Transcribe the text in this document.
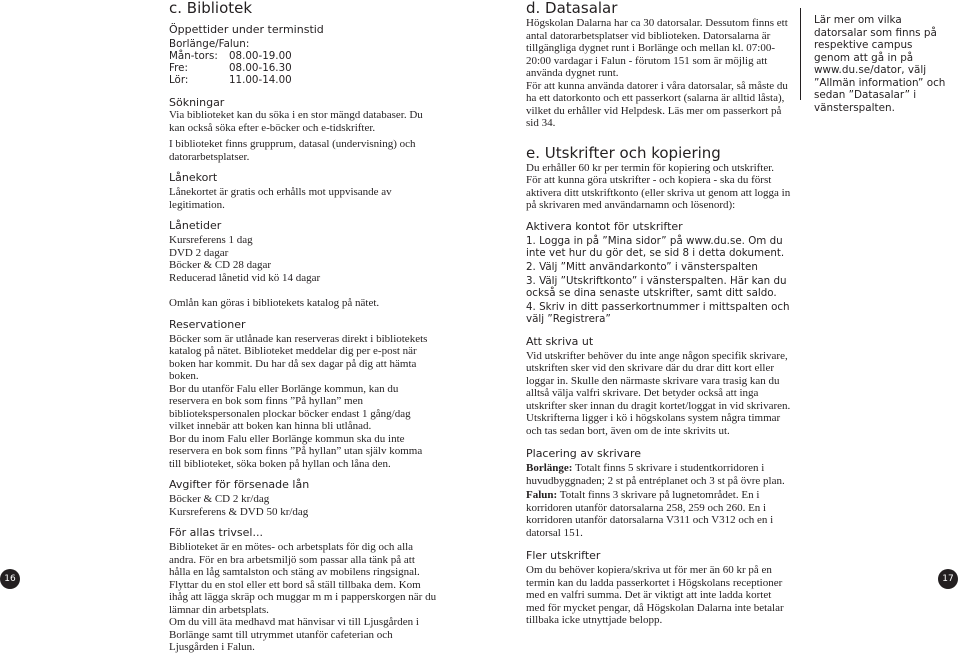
c. Bibliotek
Öppettider under terminstid

Borlänge/Falun:

Mån-tors:	08.00-19.00
Fre:	08.00-16.30
Lör:	11.00-14.00
Sökningar

Via biblioteket kan du söka i en stor mängd databaser. Du kan också söka efter e-böcker och e-tidskrifter.

I biblioteket finns grupprum, datasal (undervisning) och datorarbetsplatser.

Lånekort

Lånekortet är gratis och erhålls mot uppvisande av legitimation.

Lånetider

Kursreferens 1 dag

DVD 2 dagar

Böcker & CD 28 dagar

Reducerad lånetid vid kö 14 dagar

Omlån kan göras i bibliotekets katalog på nätet.

Reservationer

Böcker som är utlånade kan reserveras direkt i bibliotekets katalog på nätet. Biblioteket meddelar dig per e-post när boken har kommit. Du har då sex dagar på dig att hämta boken.

Bor du utanför Falu eller Borlänge kommun, kan du reservera en bok som finns ”På hyllan” men bibliotekspersonalen plockar böcker endast 1 gång/dag vilket innebär att boken kan hinna bli utlånad.

Bor du inom Falu eller Borlänge kommun ska du inte reservera en bok som finns ”På hyllan” utan själv komma till biblioteket, söka boken på hyllan och låna den.

Avgifter för försenade lån

Böcker & CD 2 kr/dag

Kursreferens & DVD 50 kr/dag

För allas trivsel...

Biblioteket är en mötes- och arbetsplats för dig och alla andra. För en bra arbetsmiljö som passar alla tänk på att hålla en låg samtalston och stäng av mobilens ringsignal.

Flyttar du en stol eller ett bord så ställ tillbaka dem. Kom ihåg att lägga skräp och muggar m m i papperskorgen när du lämnar din arbetsplats.

Om du vill äta medhavd mat hänvisar vi till Ljusgården i Borlänge samt till utrymmet utanför cafeterian och Ljusgården i Falun.

d. Datasalar

Högskolan Dalarna har ca 30 datorsalar. Dessutom finns ett antal datorarbetsplatser vid biblioteken. Datorsalarna är tillgängliga dygnet runt i Borlänge och mellan kl. 07:00-20:00 vardagar i Falun - förutom 151 som är möjlig att använda dygnet runt.

För att kunna använda datorer i våra datorsalar, så måste du ha ett datorkonto och ett passerkort (salarna är alltid låsta), vilket du erhåller vid Helpdesk. Läs mer om passerkort på sid 34.

e. Utskrifter och kopiering

Du erhåller 60 kr per termin för kopiering och utskrifter. För att kunna göra utskrifter - och kopiera - ska du först aktivera ditt utskriftkonto (eller skriva ut genom att logga in på skrivaren med användarnamn och lösenord):

Aktivera kontot för utskrifter

1. Logga in på ”Mina sidor” på www.du.se. Om du inte vet hur du gör det, se sid 8 i detta dokument.

2. Välj ”Mitt användarkonto” i vänsterspalten

3. Välj ”Utskriftkonto” i vänsterspalten. Här kan du också se dina senaste utskrifter, samt ditt saldo.

4. Skriv in ditt passerkortnummer i mittspalten och välj ”Registrera”

Att skriva ut

Vid utskrifter behöver du inte ange någon specifik skrivare, utskriften sker vid den skrivare där du drar ditt kort eller loggar in. Skulle den närmaste skrivare vara trasig kan du alltså välja valfri skrivare. Det betyder också att inga utskrifter sker innan du dragit kortet/loggat in vid skrivaren.

Utskrifterna ligger i kö i högskolans system några timmar och tas sedan bort, även om de inte skrivits ut.

Placering av skrivare

Borlänge: Totalt finns 5 skrivare i studentkorridoren i huvudbyggnaden; 2 st på entréplanet och 3 st på övre plan.

Falun: Totalt finns 3 skrivare på lugnetområdet. En i korridoren utanför datorsalarna 258, 259 och 260. En i korridoren utanför datorsalarna V311 och V312 och en i datorsal 151.

Fler utskrifter

Om du behöver kopiera/skriva ut för mer än 60 kr på en termin kan du ladda passerkortet i Högskolans receptioner med en valfri summa. Det är viktigt att inte ladda kortet med för mycket pengar, då Högskolan Dalarna inte betalar tillbaka icke utnyttjade belopp.

Lär mer om vilka datorsalar som finns på respektive campus genom att gå in på www.du.se/dator, välj ”Allmän information” och sedan ”Datasalar” i vänsterspalten.

16	17
